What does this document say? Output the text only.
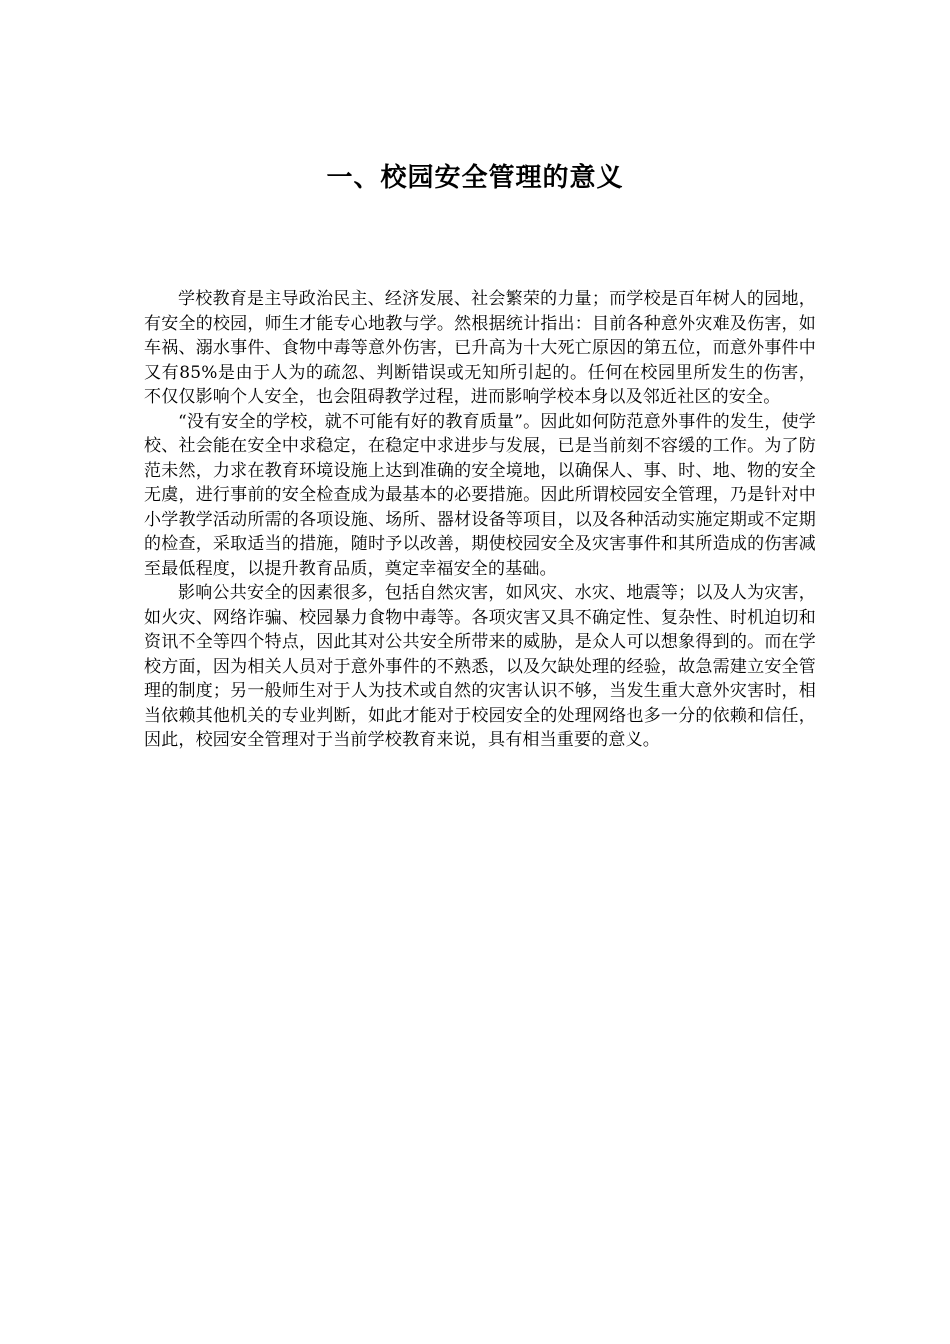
一、校园安全管理的意义

学校教育是主导政治民主、经济发展、社会繁荣的力量；而学校是百年树人的园地，有安全的校园，师生才能专心地教与学。然根据统计指出：目前各种意外灾难及伤害，如车祸、溺水事件、食物中毒等意外伤害，已升高为十大死亡原因的第五位，而意外事件中又有85%是由于人为的疏忽、判断错误或无知所引起的。任何在校园里所发生的伤害，不仅仅影响个人安全，也会阻碍教学过程，进而影响学校本身以及邻近社区的安全。

“没有安全的学校，就不可能有好的教育质量”。因此如何防范意外事件的发生，使学校、社会能在安全中求稳定，在稳定中求进步与发展，已是当前刻不容缓的工作。为了防范未然，力求在教育环境设施上达到准确的安全境地，以确保人、事、时、地、物的安全无虞，进行事前的安全检查成为最基本的必要措施。因此所谓校园安全管理，乃是针对中小学教学活动所需的各项设施、场所、器材设备等项目，以及各种活动实施定期或不定期的检查，采取适当的措施，随时予以改善，期使校园安全及灾害事件和其所造成的伤害减至最低程度，以提升教育品质，奠定幸福安全的基础。

影响公共安全的因素很多，包括自然灾害，如风灾、水灾、地震等；以及人为灾害，如火灾、网络诈骗、校园暴力食物中毒等。各项灾害又具不确定性、复杂性、时机迫切和资讯不全等四个特点，因此其对公共安全所带来的威胁，是众人可以想象得到的。而在学校方面，因为相关人员对于意外事件的不熟悉，以及欠缺处理的经验，故急需建立安全管理的制度；另一般师生对于人为技术或自然的灾害认识不够，当发生重大意外灾害时，相当依赖其他机关的专业判断，如此才能对于校园安全的处理网络也多一分的依赖和信任，因此，校园安全管理对于当前学校教育来说，具有相当重要的意义。
